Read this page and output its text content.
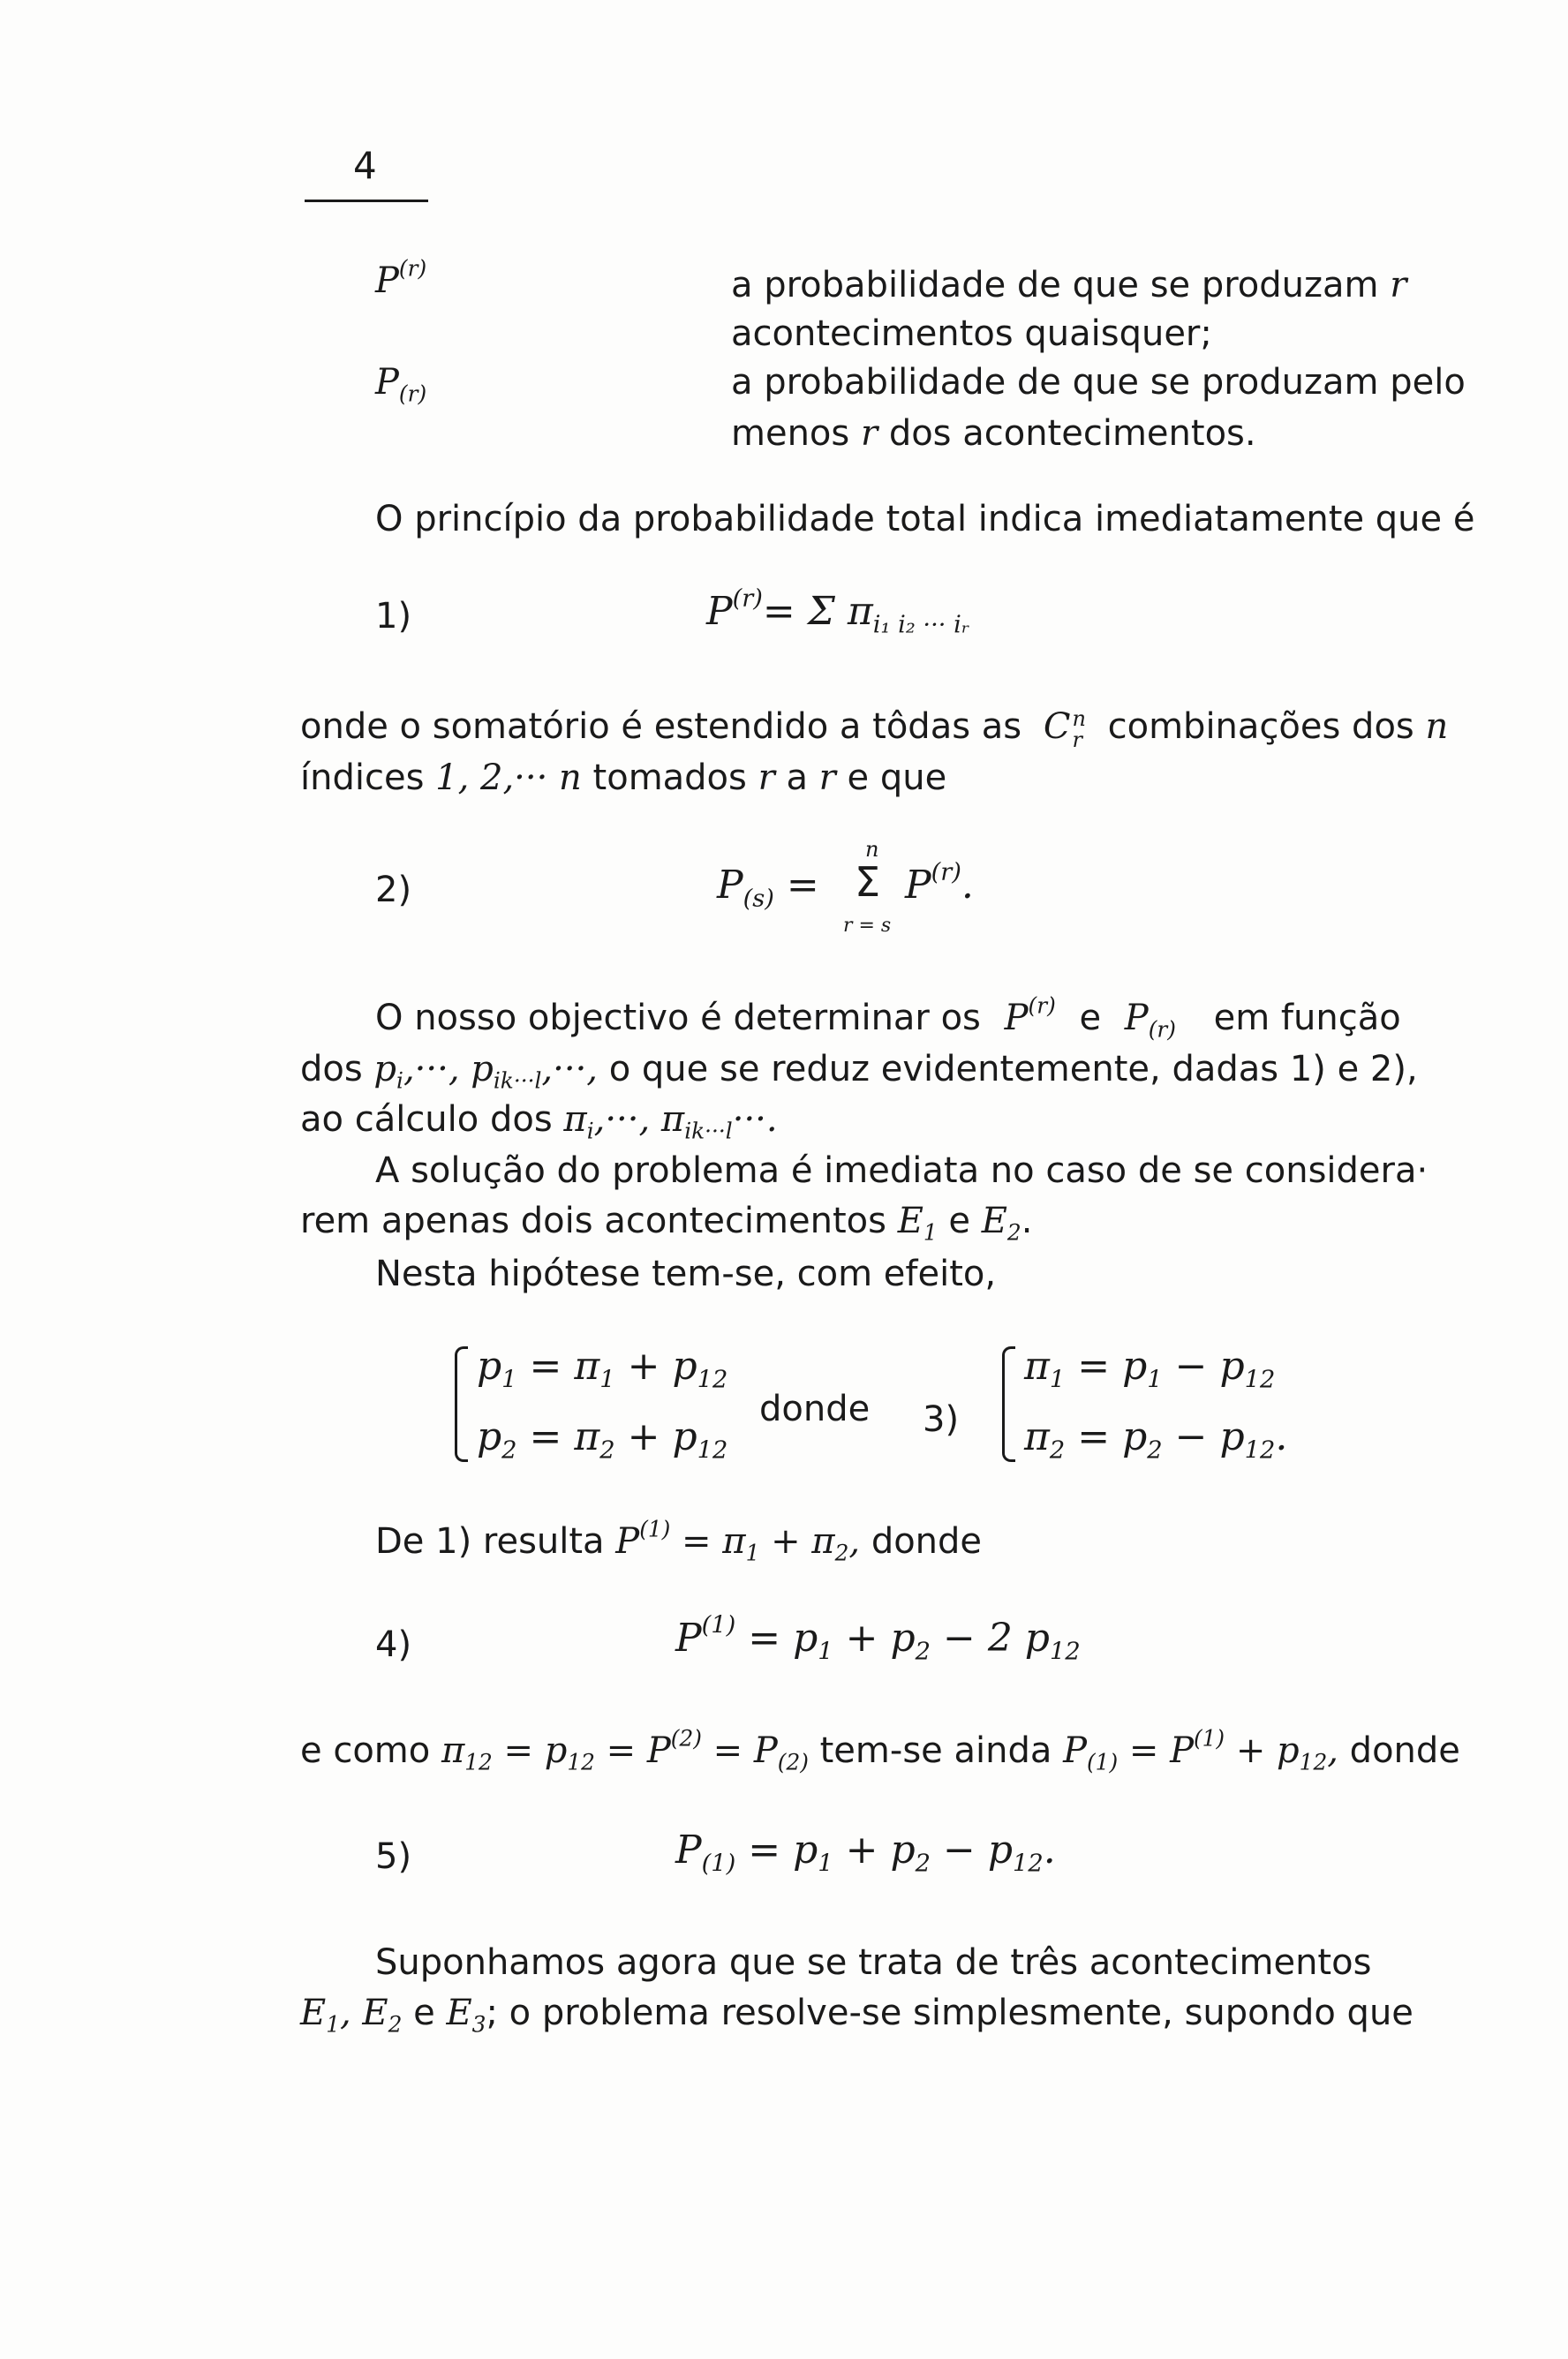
4
$P^{(r)}$	a probabilidade de que se produzam r
acontecimentos quaisquer;
$P_{(r)}$	a probabilidade de que se produzam pelo
menos r dos acontecimentos.
O princípio da probabilidade total indica imediatamente que é
1)	$P^{(r)}= \Sigma$ $\pi_{i_1 i_2 \cdot\cdot\cdot iᵣ}$
onde o somatório é estendido a tôdas as C n
r combinações dos n
índices 1, 2,··· n tomados r a r e que
2)	$P_{(s)}$ =
n
Σ
r = s
$P^{(r)}$.
O nosso objectivo é determinar os $P^{(r)}$ e $P_{(r)}$ em função
dos $p_i,\cdot\cdot\cdot$, $p_{ik\cdot\cdot\cdot l},\cdot\cdot\cdot$, o que se reduz evidentemente, dadas 1) e 2),
ao cálculo dos $\pi_i,\cdot\cdot\cdot$, $\pi_{ik\cdot\cdot\cdot l}\cdot\cdot\cdot$.
A solução do problema é imediata no caso de se considera·
rem apenas dois acontecimentos $E_1$ e $E_2$.
Nesta hipótese tem-se, com efeito,
$p_1 = \pi_1 + p_{12}$
$p_2 = \pi_2 + p_{12}$
donde 3)
$\pi_1 = p_1 - p_{12}$
$\pi_2 = p_2 - p_{12}$.
De 1) resulta $P^{(1)} = \pi_1 + \pi_2$, donde
4)	$P^{(1)} = p_1 + p_2 - 2$ $p_{12}$
e como $\pi_{12} = p_{12} = P^{(2)} = P_{(2)}$ tem-se ainda $P_{(1)} = P^{(1)} + p_{12}$, donde
5)	$P_{(1)} = p_1 + p_2 - p_{12}$.
Suponhamos agora que se trata de três acontecimentos
$E_1$, $E_2$ e $E_3$; o problema resolve-se simplesmente, supondo que
